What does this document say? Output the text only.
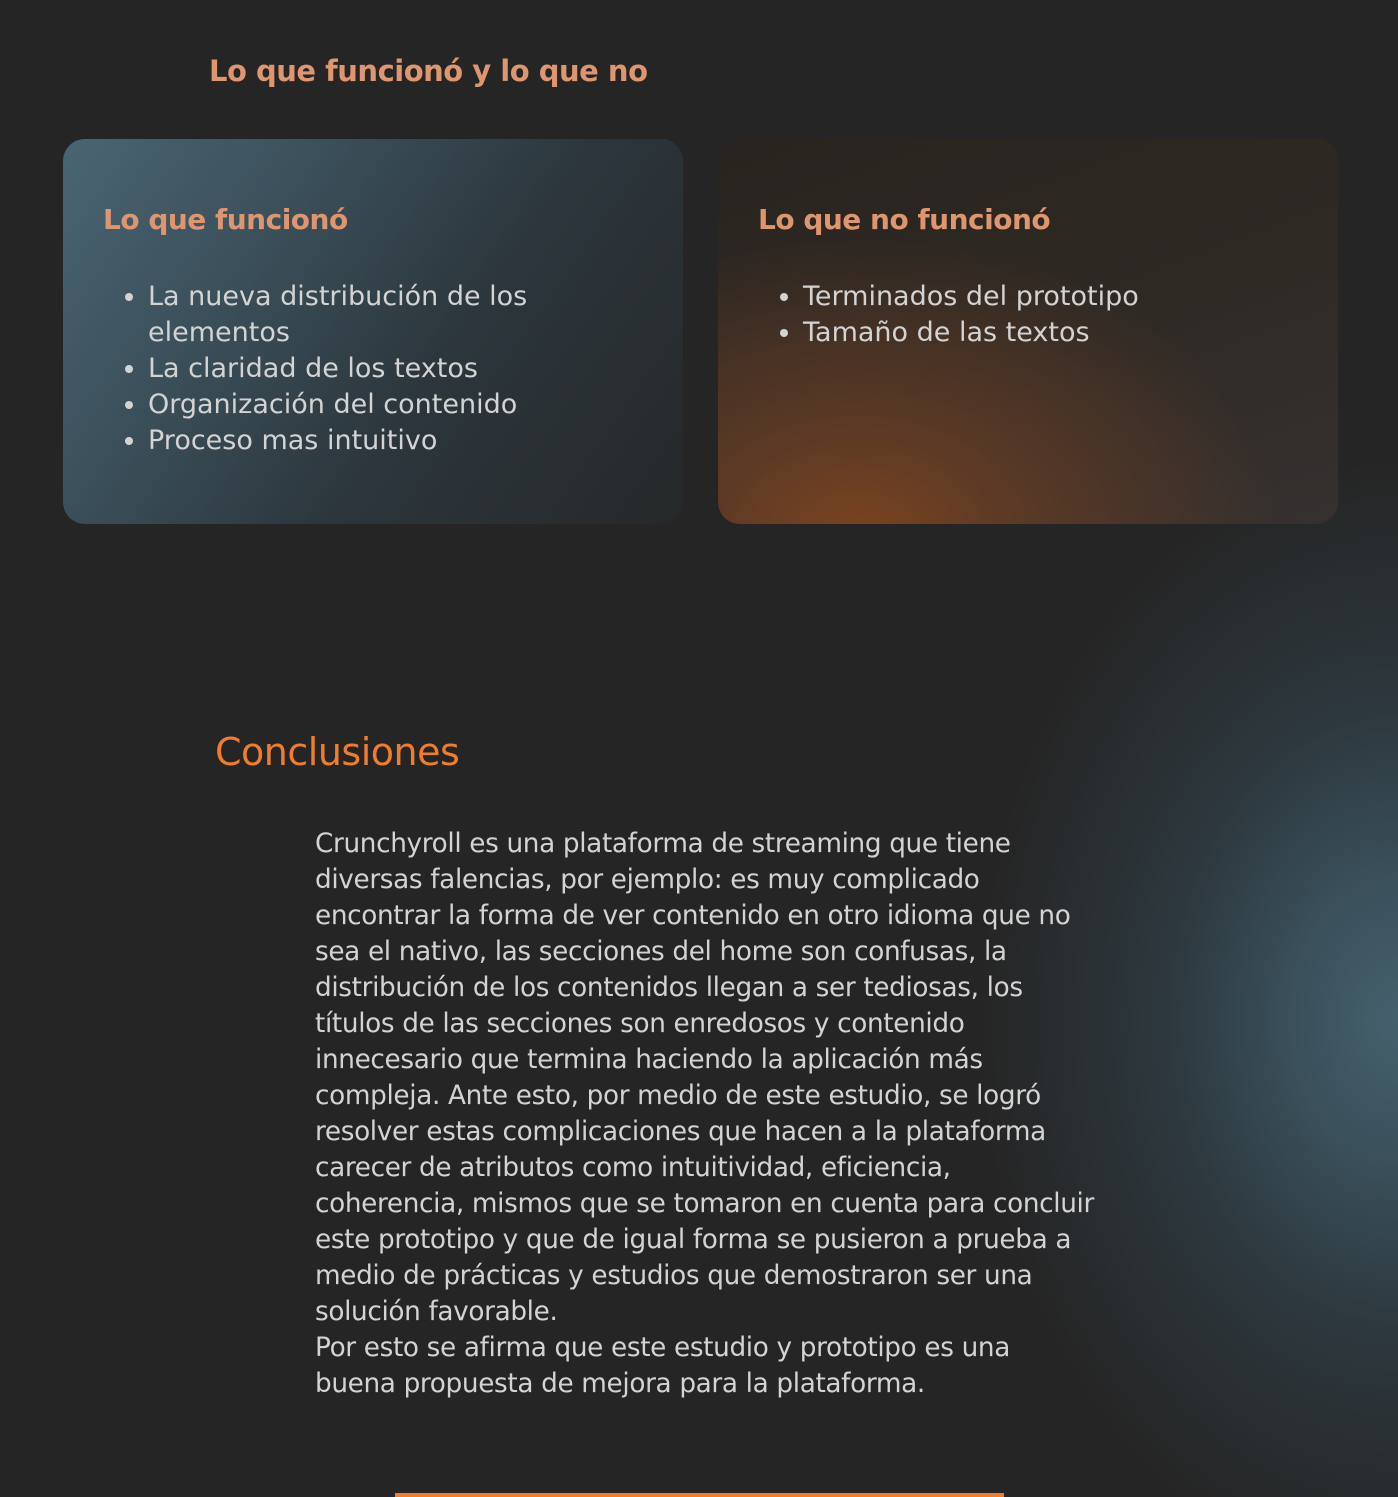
Lo que funcionó y lo que no
Lo que funcionó
• La nueva distribución de los elementos
• La claridad de los textos
• Organización del contenido
• Proceso mas intuitivo
Lo que no funcionó
• Terminados del prototipo
• Tamaño de las textos
Conclusiones

Crunchyroll es una plataforma de streaming que tiene diversas falencias, por ejemplo: es muy complicado encontrar la forma de ver contenido en otro idioma que no sea el nativo, las secciones del home son confusas, la distribución de los contenidos llegan a ser tediosas, los títulos de las secciones son enredosos y contenido innecesario que termina haciendo la aplicación más compleja. Ante esto, por medio de este estudio, se logró resolver estas complicaciones que hacen a la plataforma carecer de atributos como intuitividad, eficiencia, coherencia, mismos que se tomaron en cuenta para concluir este prototipo y que de igual forma se pusieron a prueba a medio de prácticas y estudios que demostraron ser una solución favorable.

Por esto se afirma que este estudio y prototipo es una buena propuesta de mejora para la plataforma.
